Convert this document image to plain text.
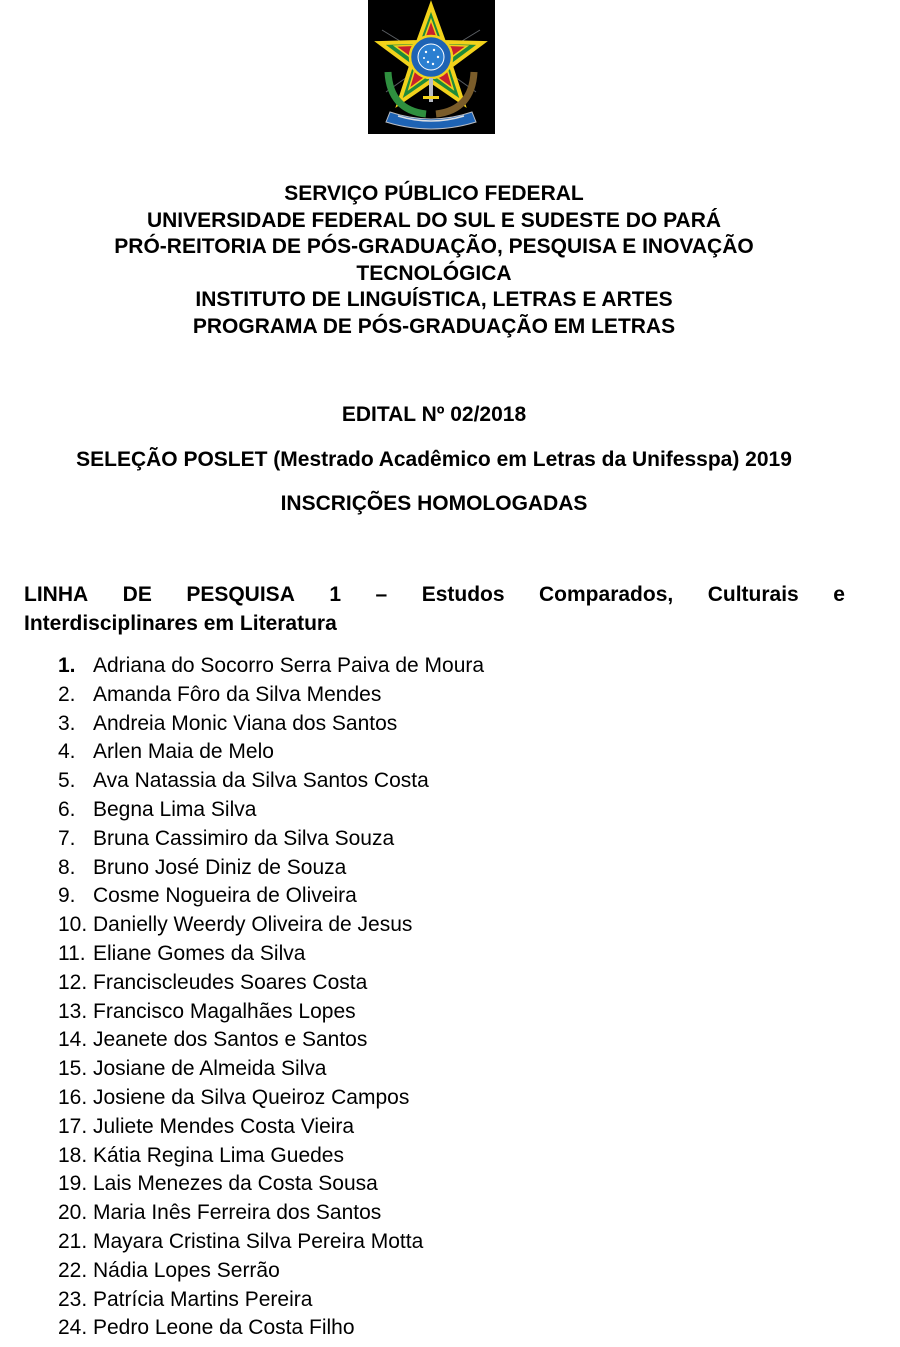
SERVIÇO PÚBLICO FEDERAL
UNIVERSIDADE FEDERAL DO SUL E SUDESTE DO PARÁ
PRÓ-REITORIA DE PÓS-GRADUAÇÃO, PESQUISA E INOVAÇÃO
TECNOLÓGICA
INSTITUTO DE LINGUÍSTICA, LETRAS E ARTES
PROGRAMA DE PÓS-GRADUAÇÃO EM LETRAS
EDITAL Nº 02/2018
SELEÇÃO POSLET (Mestrado Acadêmico em Letras da Unifesspa) 2019
INSCRIÇÕES HOMOLOGADAS
LINHA DE PESQUISA 1 – Estudos Comparados, Culturais e
Interdisciplinares em Literatura
1. Adriana do Socorro Serra Paiva de Moura
2. Amanda Fôro da Silva Mendes
3. Andreia Monic Viana dos Santos
4. Arlen Maia de Melo
5. Ava Natassia da Silva Santos Costa
6. Begna Lima Silva
7. Bruna Cassimiro da Silva Souza
8. Bruno José Diniz de Souza
9. Cosme Nogueira de Oliveira
10. Danielly Weerdy Oliveira de Jesus
11. Eliane Gomes da Silva
12. Franciscleudes Soares Costa
13. Francisco Magalhães Lopes
14. Jeanete dos Santos e Santos
15. Josiane de Almeida Silva
16. Josiene da Silva Queiroz Campos
17. Juliete Mendes Costa Vieira
18. Kátia Regina Lima Guedes
19. Lais Menezes da Costa Sousa
20. Maria Inês Ferreira dos Santos
21. Mayara Cristina Silva Pereira Motta
22. Nádia Lopes Serrão
23. Patrícia Martins Pereira
24. Pedro Leone da Costa Filho
